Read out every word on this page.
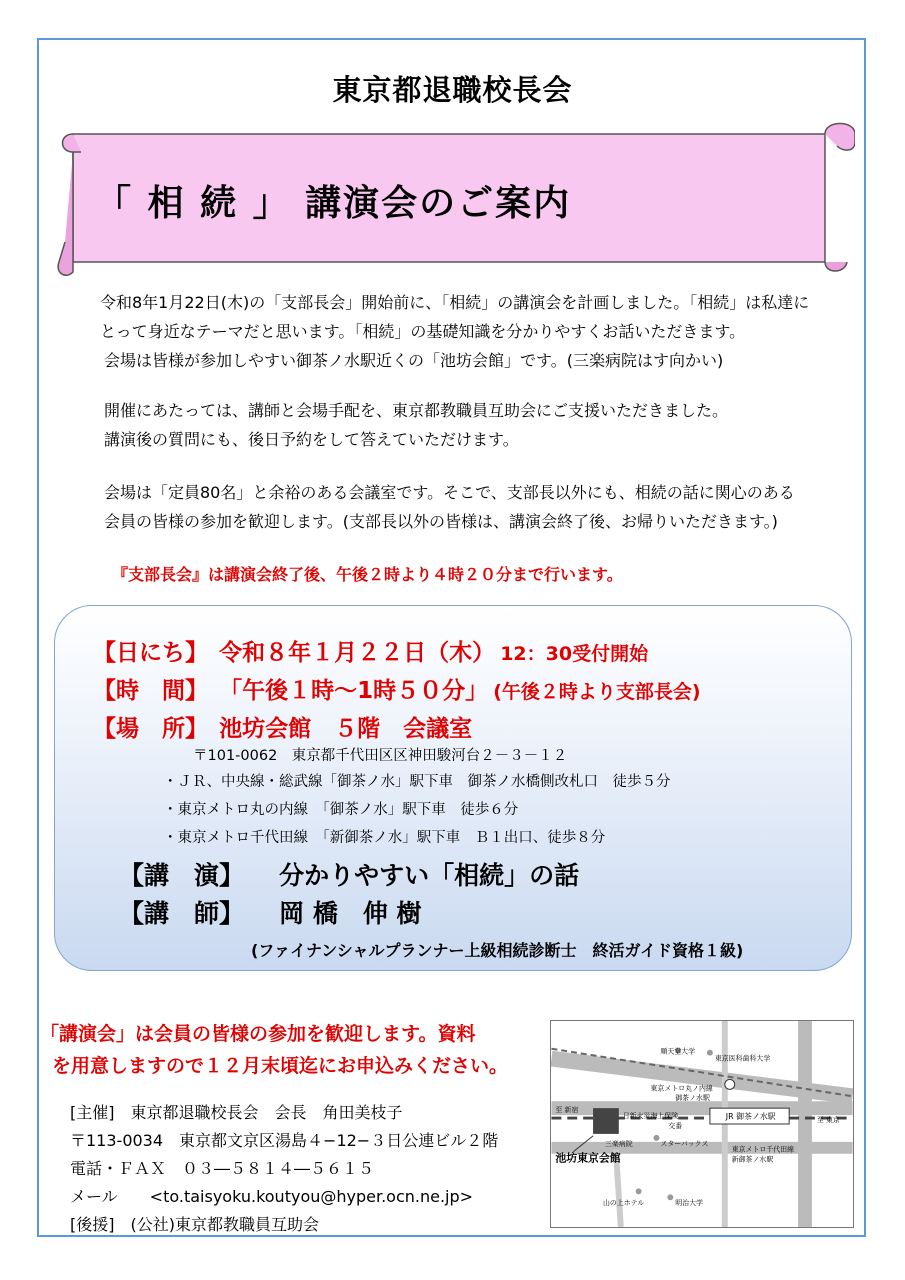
東京都退職校長会
「 相 続 」 講演会のご案内
令和8年1月22日(木)の「支部長会」開始前に、「相続」の講演会を計画しました。「相続」は私達に
とって身近なテーマだと思います。「相続」の基礎知識を分かりやすくお話いただきます。
会場は皆様が参加しやすい御茶ノ水駅近くの「池坊会館」です。(三楽病院はす向かい)
開催にあたっては、講師と会場手配を、東京都教職員互助会にご支援いただきました。
講演後の質問にも、後日予約をして答えていただけます。
会場は「定員80名」と余裕のある会議室です。そこで、支部長以外にも、相続の話に関心のある
会員の皆様の参加を歓迎します。(支部長以外の皆様は、講演会終了後、お帰りいただきます。)
『支部長会』は講演会終了後、午後２時より４時２０分まで行います。
【日にち】 令和８年１月２２日（木） 12：30受付開始
【時　間】 「午後１時〜1時５０分」 (午後２時より支部長会)
【場　所】 池坊会館　５階　会議室
〒101-0062　東京都千代田区区神田駿河台２－３－１２
・ＪＲ、中央線・総武線「御茶ノ水」駅下車　御茶ノ水橋側改札口　徒歩５分
・東京メトロ丸の内線　「御茶ノ水」駅下車　徒歩６分
・東京メトロ千代田線　「新御茶ノ水」駅下車　Ｂ１出口、徒歩８分
【講　演】 分かりやすい「相続」の話
【講　師】 岡 橋　伸 樹
(ファイナンシャルプランナー上級相続診断士　終活ガイド資格１級)
「講演会」は会員の皆様の参加を歓迎します。資料
を用意しますので１２月末頃迄にお申込みください。
[主催]　東京都退職校長会　会長　角田美枝子
〒113-0034　東京都文京区湯島４−12−３日公連ビル２階
電話・ＦＡＸ　０３―５８１４―５６１５
メール　　<to.taisyoku.koutyou@hyper.ocn.ne.jp>
[後援]　(公社)東京都教職員互助会
順天堂大学
東京医科歯科大学
東京メトロ丸ノ内線
御茶ノ水駅
至 新宿
日新火災海上保険
交番
JR 御茶ノ水駅	至 東京
三楽病院	スターバックス
東京メトロ千代田線
新御茶ノ水駅
池坊東京会館
山の上ホテル	明治大学
